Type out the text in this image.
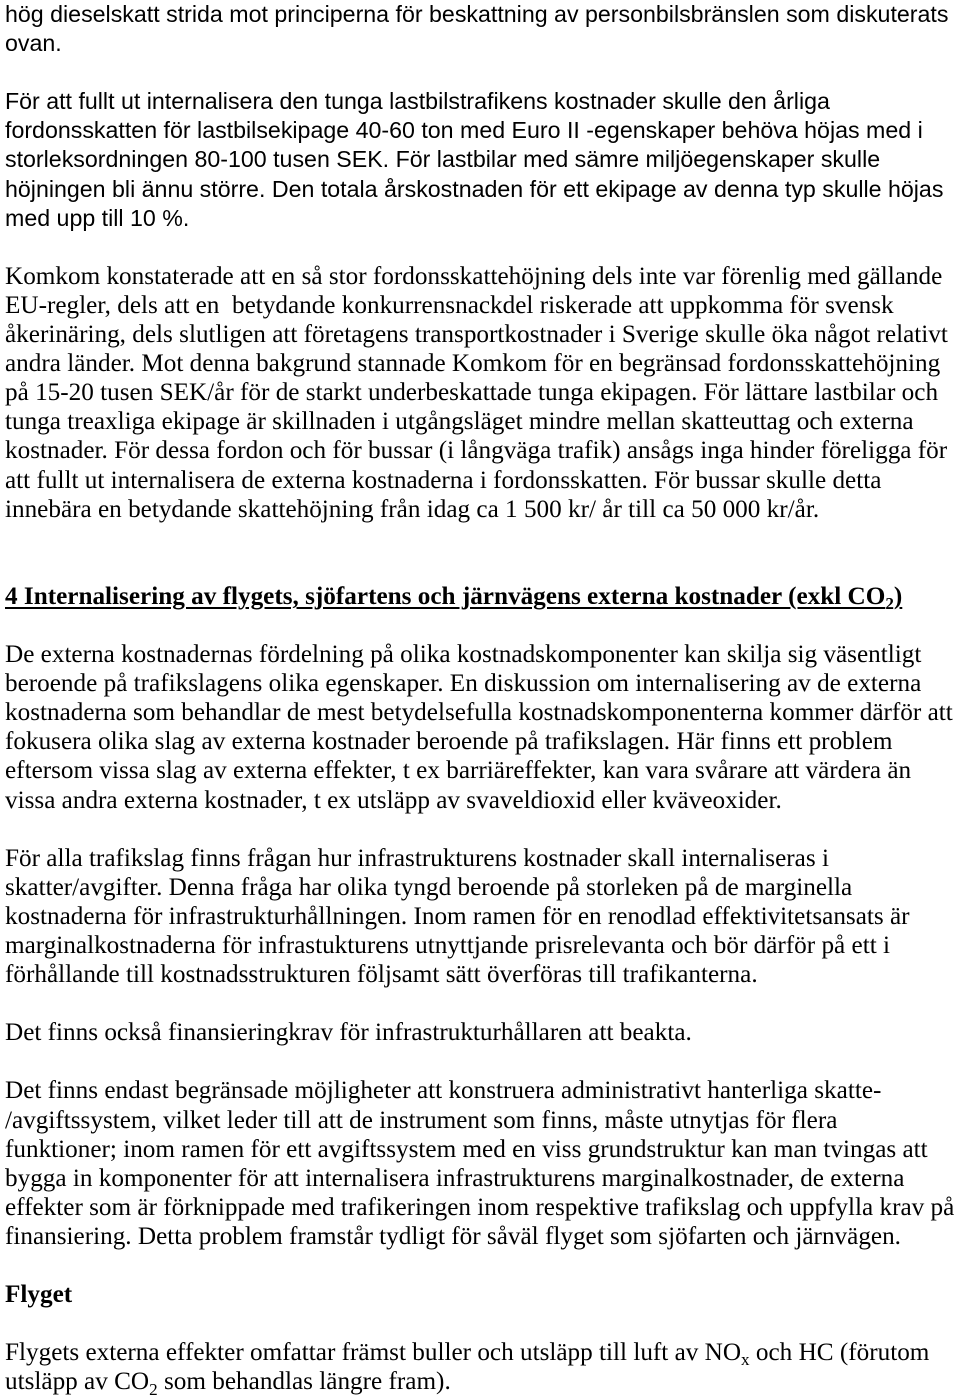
hög dieselskatt strida mot principerna för beskattning av personbilsbränslen som diskuterats
ovan.
För att fullt ut internalisera den tunga lastbilstrafikens kostnader skulle den årliga
fordonsskatten för lastbilsekipage 40-60 ton med Euro II -egenskaper behöva höjas med i
storleksordningen 80-100 tusen SEK. För lastbilar med sämre miljöegenskaper skulle
höjningen bli ännu större. Den totala årskostnaden för ett ekipage av denna typ skulle höjas
med upp till 10 %.
Komkom konstaterade att en så stor fordonsskattehöjning dels inte var förenlig med gällande
EU-regler, dels att en  betydande konkurrensnackdel riskerade att uppkomma för svensk
åkerinäring, dels slutligen att företagens transportkostnader i Sverige skulle öka något relativt
andra länder. Mot denna bakgrund stannade Komkom för en begränsad fordonsskattehöjning
på 15-20 tusen SEK/år för de starkt underbeskattade tunga ekipagen. För lättare lastbilar och
tunga treaxliga ekipage är skillnaden i utgångsläget mindre mellan skatteuttag och externa
kostnader. För dessa fordon och för bussar (i långväga trafik) ansågs inga hinder föreligga för
att fullt ut internalisera de externa kostnaderna i fordonsskatten. För bussar skulle detta
innebära en betydande skattehöjning från idag ca 1 500 kr/ år till ca 50 000 kr/år.
4 Internalisering av flygets, sjöfartens och järnvägens externa kostnader (exkl $CO_2$)
De externa kostnadernas fördelning på olika kostnadskomponenter kan skilja sig väsentligt
beroende på trafikslagens olika egenskaper. En diskussion om internalisering av de externa
kostnaderna som behandlar de mest betydelsefulla kostnadskomponenterna kommer därför att
fokusera olika slag av externa kostnader beroende på trafikslagen. Här finns ett problem
eftersom vissa slag av externa effekter, t ex barriäreffekter, kan vara svårare att värdera än
vissa andra externa kostnader, t ex utsläpp av svaveldioxid eller kväveoxider.
För alla trafikslag finns frågan hur infrastrukturens kostnader skall internaliseras i
skatter/avgifter. Denna fråga har olika tyngd beroende på storleken på de marginella
kostnaderna för infrastrukturhållningen. Inom ramen för en renodlad effektivitetsansats är
marginalkostnaderna för infrastukturens utnyttjande prisrelevanta och bör därför på ett i
förhållande till kostnadsstrukturen följsamt sätt överföras till trafikanterna.
Det finns också finansieringkrav för infrastrukturhållaren att beakta.
Det finns endast begränsade möjligheter att konstruera administrativt hanterliga skatte-
/avgiftssystem, vilket leder till att de instrument som finns, måste utnytjas för flera
funktioner; inom ramen för ett avgiftssystem med en viss grundstruktur kan man tvingas att
bygga in komponenter för att internalisera infrastrukturens marginalkostnader, de externa
effekter som är förknippade med trafikeringen inom respektive trafikslag och uppfylla krav på
finansiering. Detta problem framstår tydligt för såväl flyget som sjöfarten och järnvägen.
Flyget
Flygets externa effekter omfattar främst buller och utsläpp till luft av $NO_x$ och HC (förutom
utsläpp av $CO_2$ som behandlas längre fram).
